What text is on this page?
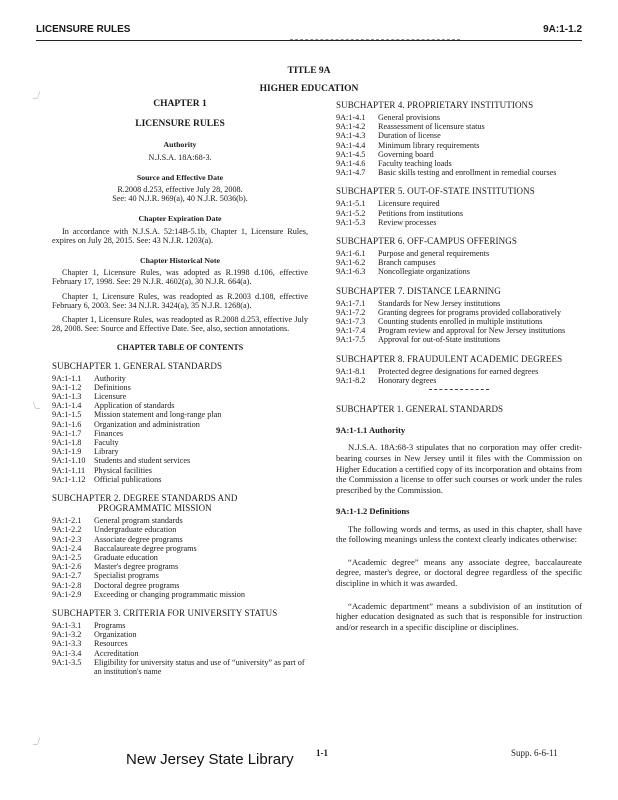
LICENSURE RULES	9A:1-1.2
TITLE 9A
HIGHER EDUCATION
_/
\_
_/
CHAPTER 1
LICENSURE RULES
Authority
N.J.S.A. 18A:68-3.
Source and Effective Date
R.2008 d.253, effective July 28, 2008.
See: 40 N.J.R. 969(a), 40 N.J.R. 5036(b).
Chapter Expiration Date
In accordance with N.J.S.A. 52:14B-5.1b, Chapter 1, Licensure Rules, expires on July 28, 2015. See: 43 N.J.R. 1203(a).
Chapter Historical Note
Chapter 1, Licensure Rules, was adopted as R.1998 d.106, effective February 17, 1998. See: 29 N.J.R. 4602(a), 30 N.J.R. 664(a).
Chapter 1, Licensure Rules, was readopted as R.2003 d.108, effective February 6, 2003. See: 34 N.J.R. 3424(a), 35 N.J.R. 1268(a).
Chapter 1, Licensure Rules, was readopted as R.2008 d.253, effective July 28, 2008. See: Source and Effective Date. See, also, section annotations.
CHAPTER TABLE OF CONTENTS
SUBCHAPTER 1. GENERAL STANDARDS
9A:1-1.1	Authority
9A:1-1.2	Definitions
9A:1-1.3	Licensure
9A:1-1.4	Application of standards
9A:1-1.5	Mission statement and long-range plan
9A:1-1.6	Organization and administration
9A:1-1.7	Finances
9A:1-1.8	Faculty
9A:1-1.9	Library
9A:1-1.10	Students and student services
9A:1-1.11	Physical facilities
9A:1-1.12	Official publications
SUBCHAPTER 2. DEGREE STANDARDS AND
PROGRAMMATIC MISSION
9A:1-2.1	General program standards
9A:1-2.2	Undergraduate education
9A:1-2.3	Associate degree programs
9A:1-2.4	Baccalaureate degree programs
9A:1-2.5	Graduate education
9A:1-2.6	Master's degree programs
9A:1-2.7	Specialist programs
9A:1-2.8	Doctoral degree programs
9A:1-2.9	Exceeding or changing programmatic mission
SUBCHAPTER 3. CRITERIA FOR UNIVERSITY STATUS
9A:1-3.1	Programs
9A:1-3.2	Organization
9A:1-3.3	Resources
9A:1-3.4	Accreditation
9A:1-3.5	Eligibility for university status and use of “university” as part of an institution's name
SUBCHAPTER 4. PROPRIETARY INSTITUTIONS
9A:1-4.1	General provisions
9A:1-4.2	Reassessment of licensure status
9A:1-4.3	Duration of license
9A:1-4.4	Minimum library requirements
9A:1-4.5	Governing board
9A:1-4.6	Faculty teaching loads
9A:1-4.7	Basic skills testing and enrollment in remedial courses
SUBCHAPTER 5. OUT-OF-STATE INSTITUTIONS
9A:1-5.1	Licensure required
9A:1-5.2	Petitions from institutions
9A:1-5.3	Review processes
SUBCHAPTER 6. OFF-CAMPUS OFFERINGS
9A:1-6.1	Purpose and general requirements
9A:1-6.2	Branch campuses
9A:1-6.3	Noncollegiate organizations
SUBCHAPTER 7. DISTANCE LEARNING
9A:1-7.1	Standards for New Jersey institutions
9A:1-7.2	Granting degrees for programs provided collaboratively
9A:1-7.3	Counting students enrolled in multiple institutions
9A:1-7.4	Program review and approval for New Jersey institutions
9A:1-7.5	Approval for out-of-State institutions
SUBCHAPTER 8. FRAUDULENT ACADEMIC DEGREES
9A:1-8.1	Protected degree designations for earned degrees
9A:1-8.2	Honorary degrees
SUBCHAPTER 1. GENERAL STANDARDS
9A:1-1.1 Authority
N.J.S.A. 18A:68-3 stipulates that no corporation may offer credit-bearing courses in New Jersey until it files with the Commission on Higher Education a certified copy of its incorporation and obtains from the Commission a license to offer such courses or work under the rules prescribed by the Commission.
9A:1-1.2 Definitions
The following words and terms, as used in this chapter, shall have the following meanings unless the context clearly indicates otherwise:
“Academic degree” means any associate degree, baccalaureate degree, master's degree, or doctoral degree regardless of the specific discipline in which it was awarded.
“Academic department” means a subdivision of an institution of higher education designated as such that is responsible for instruction and/or research in a specific discipline or disciplines.
New Jersey State Library 1-1	Supp. 6-6-11
